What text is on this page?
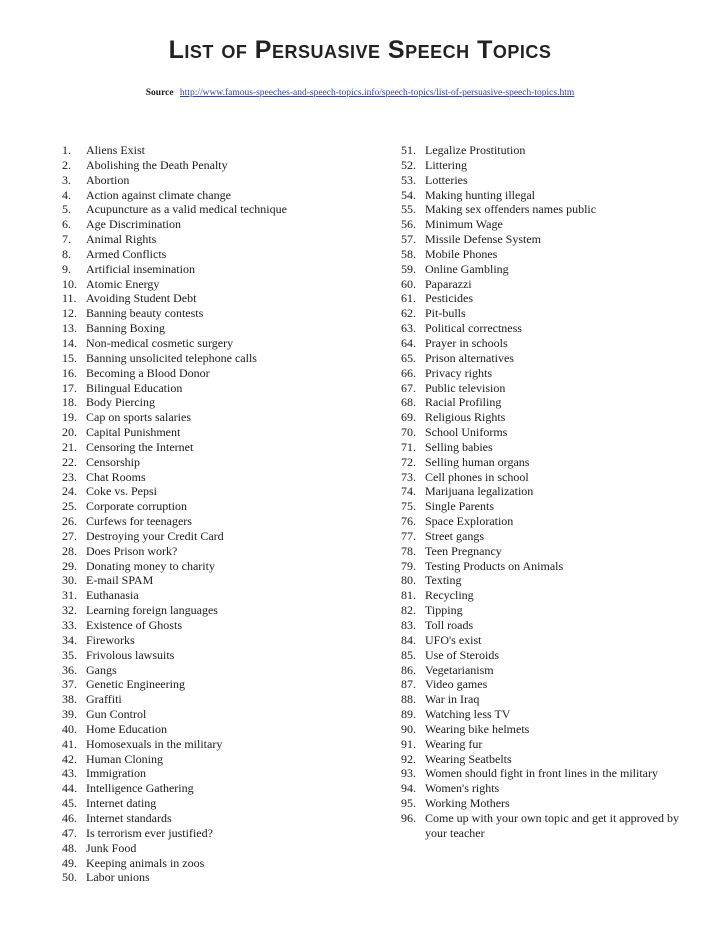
List of Persuasive Speech Topics
Source http://www.famous-speeches-and-speech-topics.info/speech-topics/list-of-persuasive-speech-topics.htm
1.	Aliens Exist
2.	Abolishing the Death Penalty
3.	Abortion
4.	Action against climate change
5.	Acupuncture as a valid medical technique
6.	Age Discrimination
7.	Animal Rights
8.	Armed Conflicts
9.	Artificial insemination
10. Atomic Energy
11. Avoiding Student Debt
12. Banning beauty contests
13. Banning Boxing
14. Non-medical cosmetic surgery
15. Banning unsolicited telephone calls
16. Becoming a Blood Donor
17. Bilingual Education
18. Body Piercing
19. Cap on sports salaries
20. Capital Punishment
21. Censoring the Internet
22. Censorship
23. Chat Rooms
24. Coke vs. Pepsi
25. Corporate corruption
26. Curfews for teenagers
27. Destroying your Credit Card
28. Does Prison work?
29. Donating money to charity
30. E-mail SPAM
31. Euthanasia
32. Learning foreign languages
33. Existence of Ghosts
34. Fireworks
35. Frivolous lawsuits
36. Gangs
37. Genetic Engineering
38. Graffiti
39. Gun Control
40. Home Education
41. Homosexuals in the military
42. Human Cloning
43. Immigration
44. Intelligence Gathering
45. Internet dating
46. Internet standards
47. Is terrorism ever justified?
48. Junk Food
49. Keeping animals in zoos
50. Labor unions
51. Legalize Prostitution
52. Littering
53. Lotteries
54. Making hunting illegal
55. Making sex offenders names public
56. Minimum Wage
57. Missile Defense System
58. Mobile Phones
59. Online Gambling
60. Paparazzi
61. Pesticides
62. Pit-bulls
63. Political correctness
64. Prayer in schools
65. Prison alternatives
66. Privacy rights
67. Public television
68. Racial Profiling
69. Religious Rights
70. School Uniforms
71. Selling babies
72. Selling human organs
73. Cell phones in school
74. Marijuana legalization
75. Single Parents
76. Space Exploration
77. Street gangs
78. Teen Pregnancy
79. Testing Products on Animals
80. Texting
81. Recycling
82. Tipping
83. Toll roads
84. UFO's exist
85. Use of Steroids
86. Vegetarianism
87. Video games
88. War in Iraq
89. Watching less TV
90. Wearing bike helmets
91. Wearing fur
92. Wearing Seatbelts
93. Women should fight in front lines in the military
94. Women's rights
95. Working Mothers
96. Come up with your own topic and get it approved by your teacher
